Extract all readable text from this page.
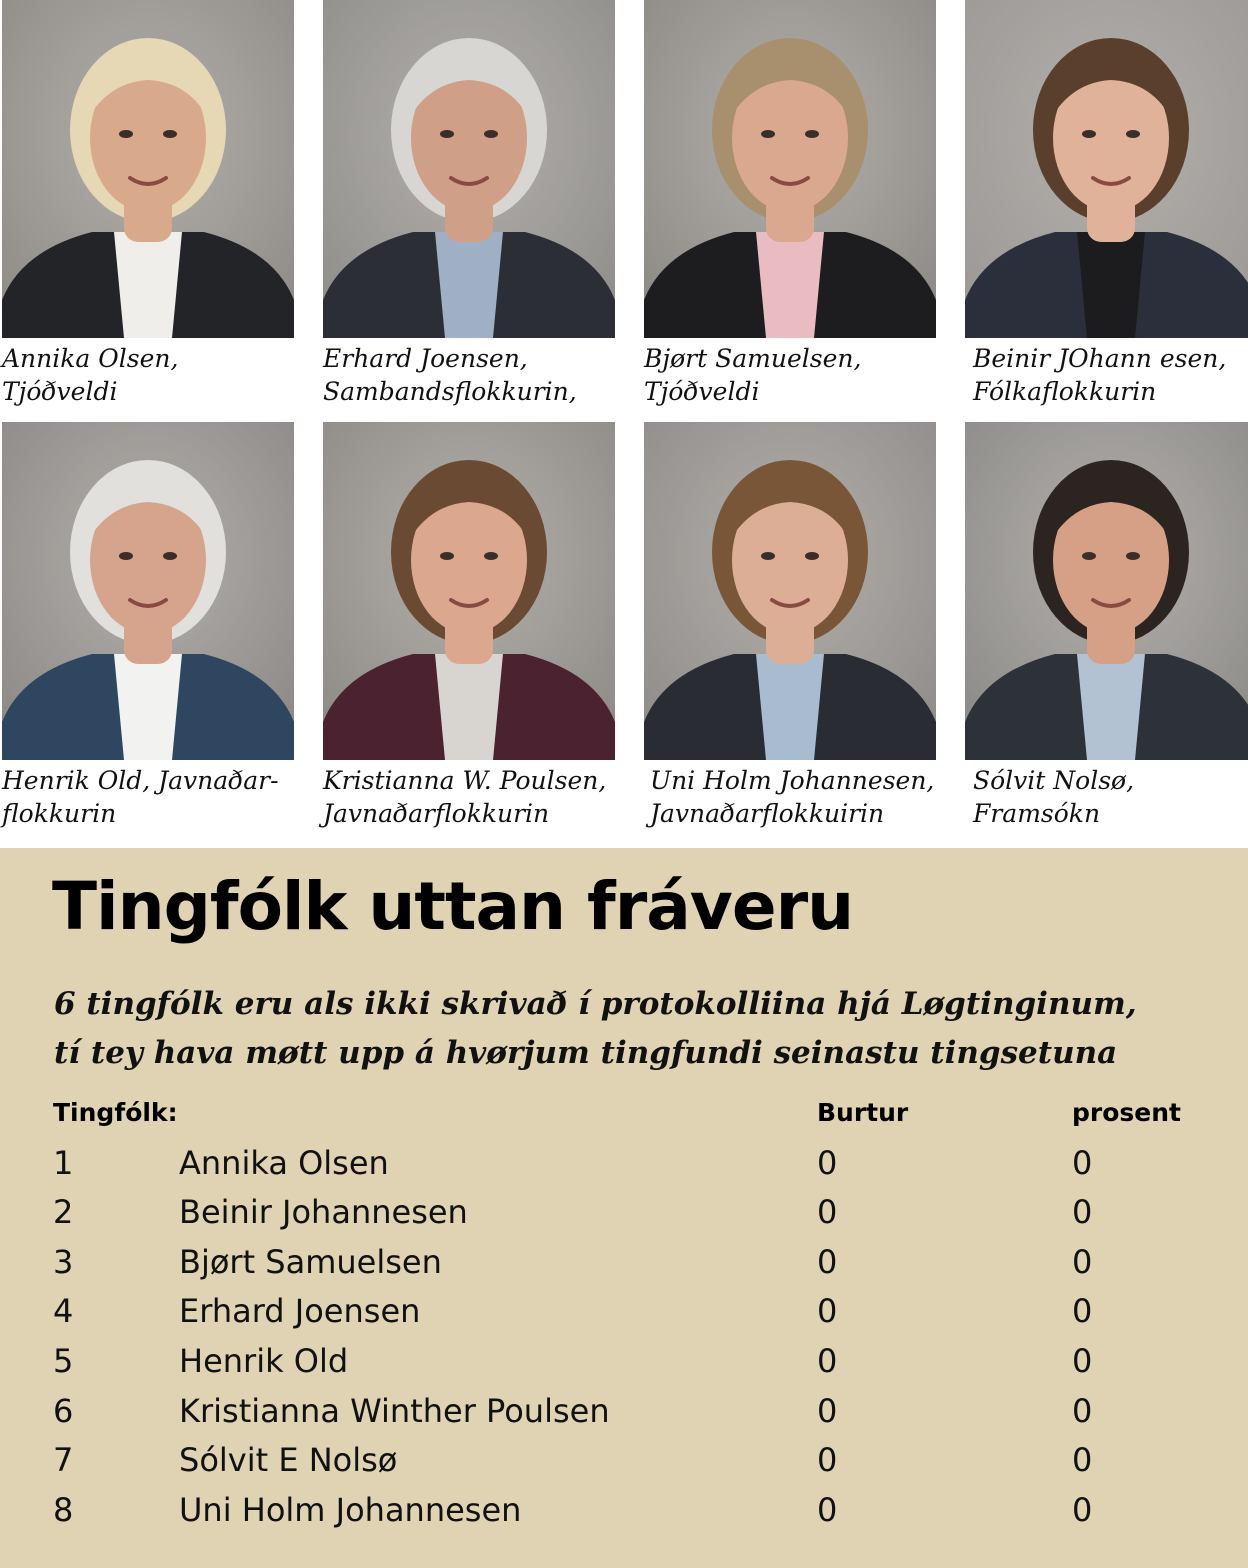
Annika Olsen,
Tjóðveldi
Erhard Joensen,
Sambandsflokkurin,
Bjørt Samuelsen,
Tjóðveldi
Beinir JOhann esen,
Fólkaflokkurin
Henrik Old, Javnaðar-
flokkurin
Kristianna W. Poulsen,
Javnaðarflokkurin
Uni Holm Johannesen,
Javnaðarflokkuirin
Sólvit Nolsø,
Framsókn
Tingfólk uttan fráveru

6 tingfólk eru als ikki skrivað í protokolliina hjá Løgtinginum,
tí tey hava møtt upp á hvørjum tingfundi seinastu tingsetuna

Tingfólk:	Burtur	prosent
1	Annika Olsen	0	0
2	Beinir Johannesen	0	0
3	Bjørt Samuelsen	0	0
4	Erhard Joensen	0	0
5	Henrik Old	0	0
6	Kristianna Winther Poulsen	0	0
7	Sólvit E Nolsø	0	0
8	Uni Holm Johannesen	0	0
